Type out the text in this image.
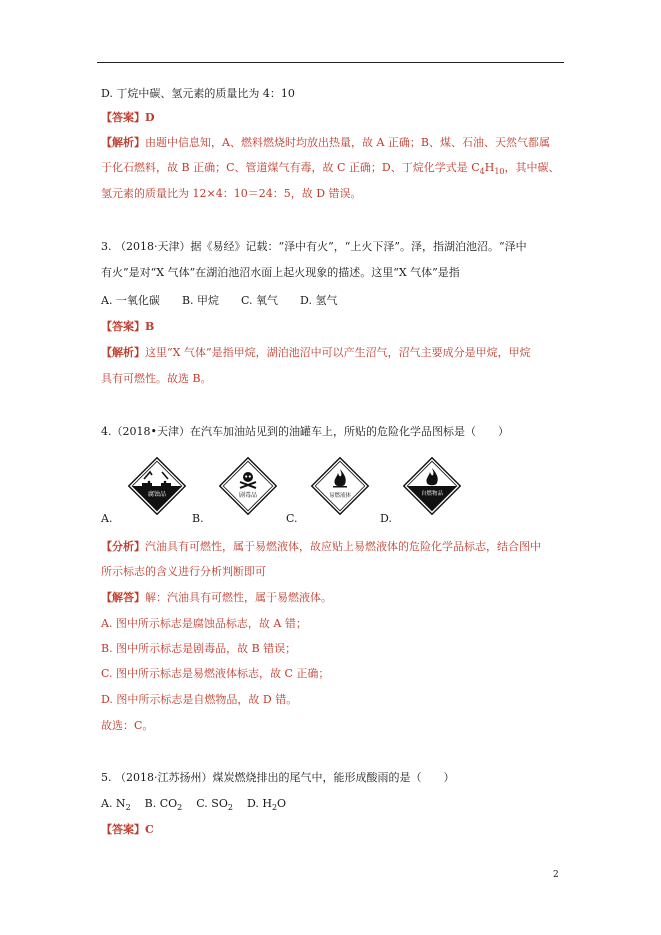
D. 丁烷中碳、氢元素的质量比为 4：10
【答案】D
【解析】由题中信息知，A、燃料燃烧时均放出热量，故 A 正确；B、煤、石油、天然气都属
于化石燃料，故 B 正确；C、管道煤气有毒，故 C 正确；D、丁烷化学式是 $C_4H_{10}$，其中碳、
氢元素的质量比为 12×4：10＝24：5，故 D 错误。
3. （2018·天津）据《易经》记载：“泽中有火”，“上火下泽”。泽，指湖泊池沼。“泽中
有火”是对“X 气体”在湖泊池沼水面上起火现象的描述。这里“X 气体”是指
A. 一氧化碳 B. 甲烷 C. 氧气 D. 氢气
【答案】B
【解析】这里“X 气体”是指甲烷，湖泊池沼中可以产生沼气，沼气主要成分是甲烷，甲烷
具有可燃性。故选 B。
4.（2018•天津）在汽车加油站见到的油罐车上，所贴的危险化学品图标是（　　）
腐蚀品
A.
剧毒品
B.
易燃液体
C.
自燃物品
D.
【分析】汽油具有可燃性，属于易燃液体，故应贴上易燃液体的危险化学品标志，结合图中
所示标志的含义进行分析判断即可
【解答】解：汽油具有可燃性，属于易燃液体。
A. 图中所示标志是腐蚀品标志，故 A 错；
B. 图中所示标志是剧毒品，故 B 错误；
C. 图中所示标志是易燃液体标志，故 C 正确；
D. 图中所示标志是自燃物品，故 D 错。
故选：C。
5. （2018·江苏扬州）煤炭燃烧排出的尾气中，能形成酸雨的是（　　）
A. $N_2$ B. $CO_2$ C. $SO_2$ D. $H_2O$
【答案】C
2
